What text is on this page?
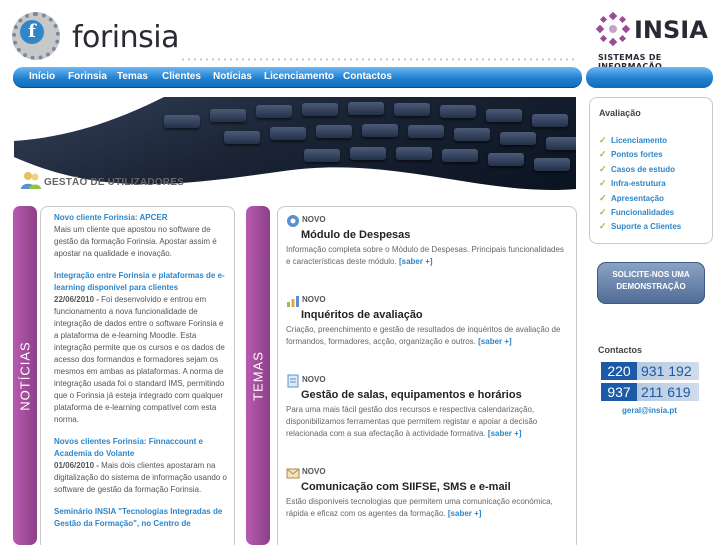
f forinsia	INSIA
SISTEMAS DE
Início Forinsia Temas Clientes Notícias Licenciamento Contactos
GESTÃO DE UTILIZADORES
NOTÍCIAS
Novo cliente Forinsia: APCER
Mais um cliente que apostou no software de gestão da formação Forinsia. Apostar assim é apostar na qualidade e inovação.
Integração entre Forinsia e plataformas de e-learning disponível para clientes
22/06/2010 - Foi desenvolvido e entrou em funcionamento a nova funcionalidade de integração de dados entre o software Forinsia e a plataforma de e-learning Moodle. Esta integração permite que os cursos e os dados de acesso dos formandos e formadores sejam os mesmos em ambas as plataformas. A norma de integração usada foi o standard IMS, permitindo que o Forinsia já esteja integrado com qualquer plataforma de e-learning compatível com esta norma.
Novos clientes Forinsia: Finnaccount e Academia do Volante
01/06/2010 - Mais dois clientes apostaram na digitalização do sistema de informação usando o software de gestão da formação Forinsia.
Seminário INSIA "Tecnologias Integradas de Gestão da Formação", no Centro de
TEMAS
NOVO
Módulo de Despesas
Informação completa sobre o Módulo de Despesas. Principais funcionalidades e características deste módulo. [saber +]
NOVO
Inquéritos de avaliação
Criação, preenchimento e gestão de resultados de inquéritos de avaliação de formandos, formadores, acção, organização e outros. [saber +]
NOVO
Gestão de salas, equipamentos e horários
Para uma mais fácil gestão dos recursos e respectiva calendarização, disponibilizamos ferramentas que permitem registar e apoiar a decisão relacionada com a sua afectação à actividade formativa. [saber +]
NOVO
Comunicação com SIIFSE, SMS e e-mail
Estão disponíveis tecnologias que permitem uma comunicação económica, rápida e eficaz com os agentes da formação. [saber +]
Avaliação
✓ Licenciamento
✓ Pontos fortes
✓ Casos de estudo
✓ Infra-estrutura
✓ Apresentação
✓ Funcionalidades
✓ Suporte a Clientes
SOLICITE-NOS UMA
DEMONSTRAÇÃO
Contactos
220 931 192
937 211 619
geral@insia.pt
